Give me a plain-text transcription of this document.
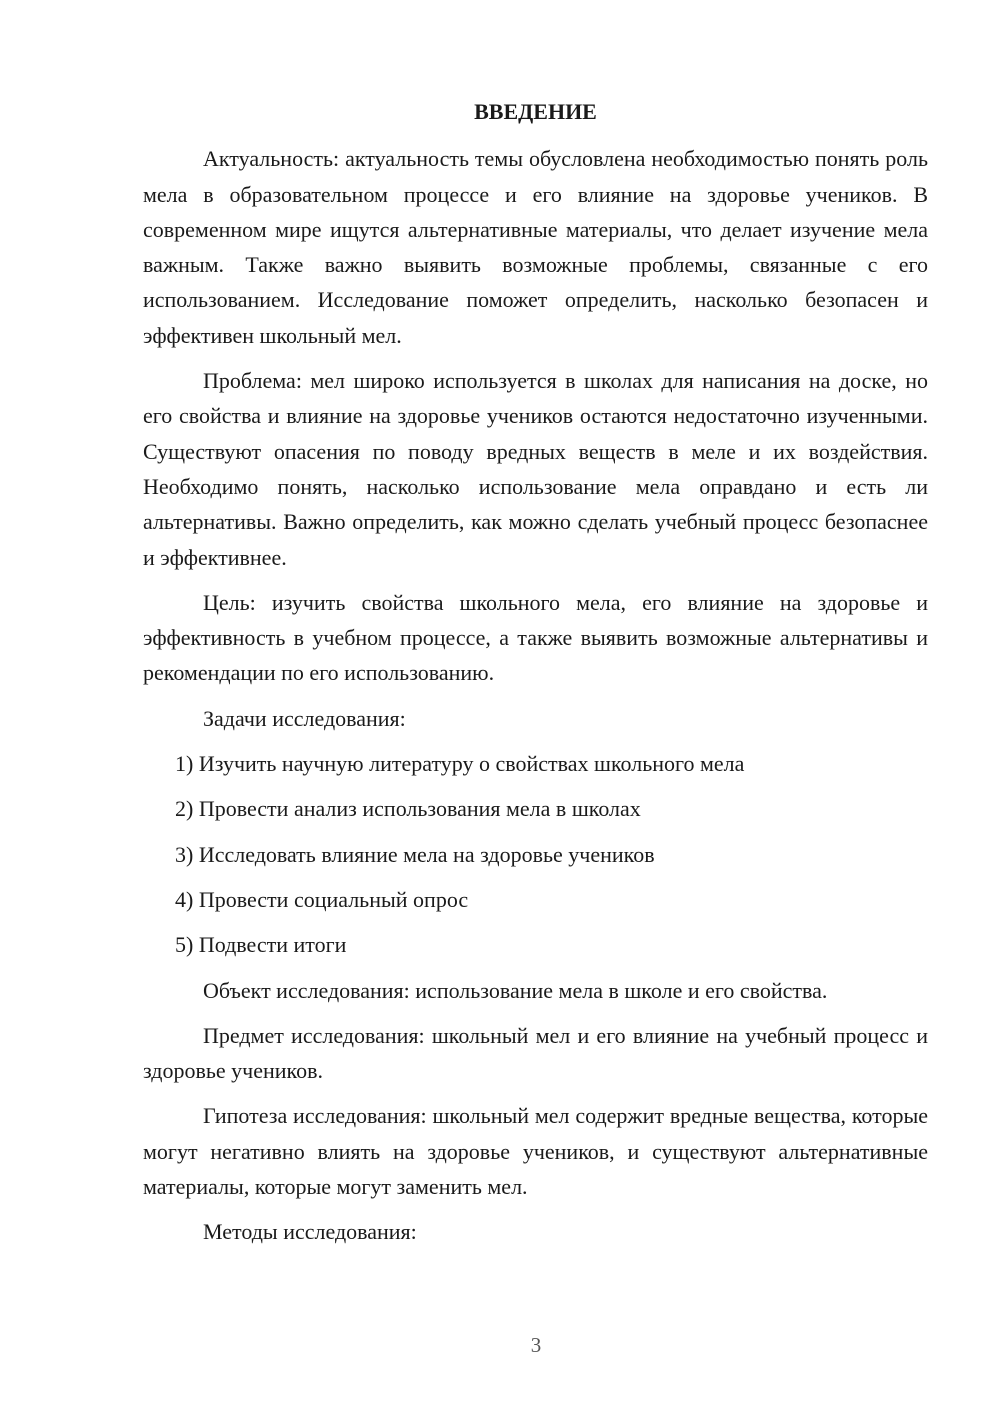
ВВЕДЕНИЕ

Актуальность: актуальность темы обусловлена необходимостью понять роль мела в образовательном процессе и его влияние на здоровье учеников. В современном мире ищутся альтернативные материалы, что делает изучение мела важным. Также важно выявить возможные проблемы, связанные с его использованием. Исследование поможет определить, насколько безопасен и эффективен школьный мел.

Проблема: мел широко используется в школах для написания на доске, но его свойства и влияние на здоровье учеников остаются недостаточно изученными. Существуют опасения по поводу вредных веществ в меле и их воздействия. Необходимо понять, насколько использование мела оправдано и есть ли альтернативы. Важно определить, как можно сделать учебный процесс безопаснее и эффективнее.

Цель: изучить свойства школьного мела, его влияние на здоровье и эффективность в учебном процессе, а также выявить возможные альтернативы и рекомендации по его использованию.

Задачи исследования:

1) Изучить научную литературу о свойствах школьного мела

2) Провести анализ использования мела в школах

3) Исследовать влияние мела на здоровье учеников

4) Провести социальный опрос

5) Подвести итоги

Объект исследования: использование мела в школе и его свойства.

Предмет исследования: школьный мел и его влияние на учебный процесс и здоровье учеников.

Гипотеза исследования: школьный мел содержит вредные вещества, которые могут негативно влиять на здоровье учеников, и существуют альтернативные материалы, которые могут заменить мел.

Методы исследования:

3
